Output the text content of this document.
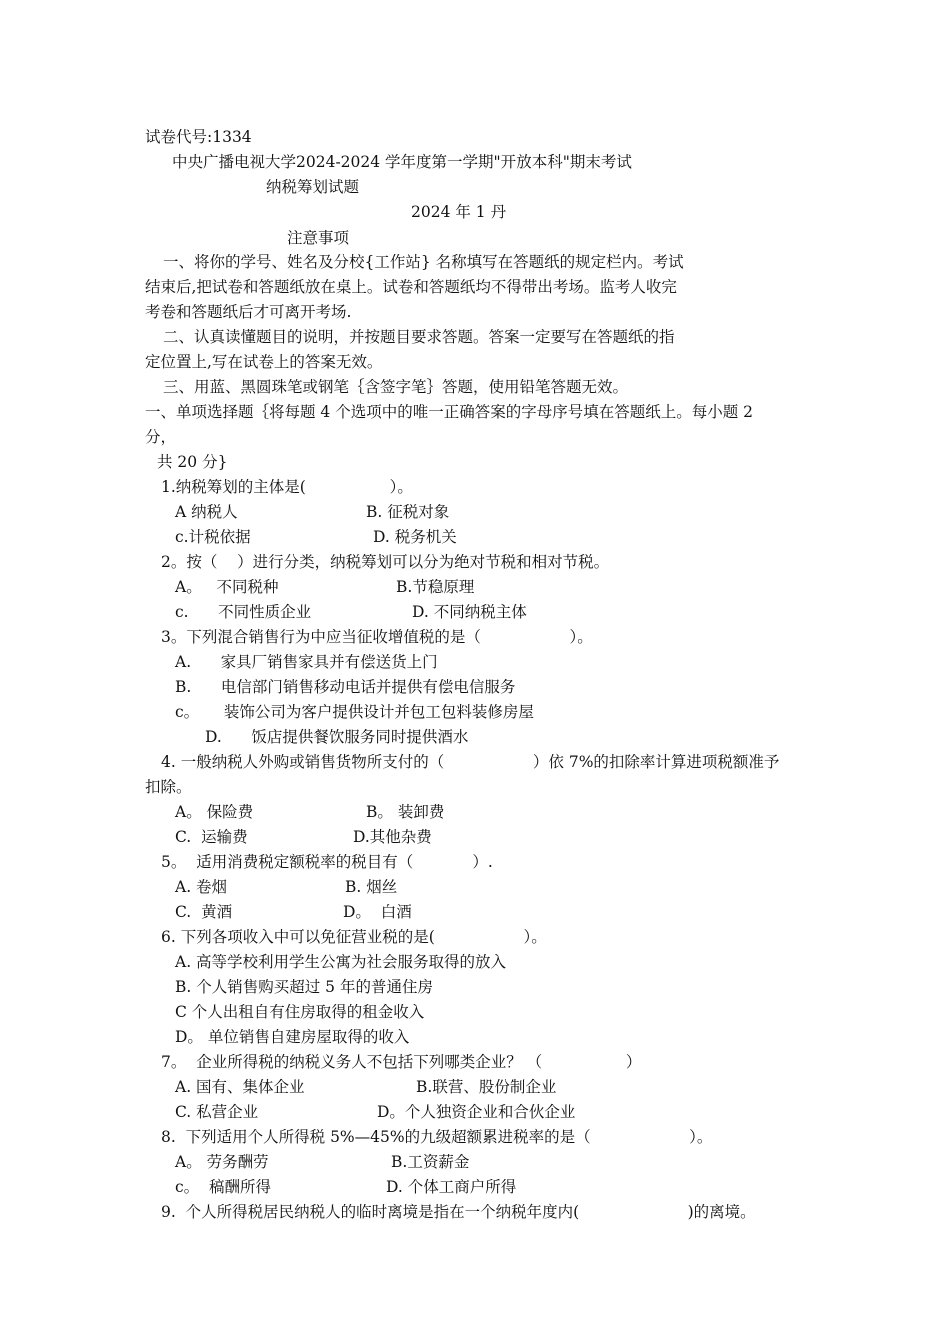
试卷代号:1334
中央广播电视大学2024-2024 学年度第一学期"开放本科"期末考试
纳税筹划试题
2024 年 1 丹
注意事项
一、将你的学号、姓名及分校{工作站} 名称填写在答题纸的规定栏内。考试
结束后,把试卷和答题纸放在桌上。试卷和答题纸均不得带出考场。监考人收完
考卷和答题纸后才可离开考场.
二、认真读懂题目的说明，并按题目要求答题。答案一定要写在答题纸的指
定位置上,写在试卷上的答案无效。
三、用蓝、黑圆珠笔或钢笔｛含签字笔｝答题，使用铅笔答题无效。
一、单项选择题｛将每题 4 个选项中的唯一正确答案的字母序号填在答题纸上。每小题 2
分，
共 20 分}
1.纳税筹划的主体是(                 ）。
A 纳税人	B. 征税对象
c.计税依据	D. 税务机关
2。按（    ）进行分类，纳税筹划可以分为绝对节税和相对节税。
A。   不同税种	B.节稳原理
c.      不同性质企业	D. 不同纳税主体
3。下列混合销售行为中应当征收增值税的是（                  ）。
A.      家具厂销售家具并有偿送货上门
B.      电信部门销售移动电话并提供有偿电信服务
c。     装饰公司为客户提供设计并包工包料装修房屋
D.      饭店提供餐饮服务同时提供酒水
4. 一般纳税人外购或销售货物所支付的（                  ）依 7%的扣除率计算进项税额准予
扣除。
A。 保险费	B。 装卸费
C.  运输费	D.其他杂费
5。  适用消费税定额税率的税目有（            ）.
A. 卷烟	B. 烟丝
C.  黄酒	D。  白酒
6. 下列各项收入中可以免征营业税的是(                  ）。
A. 高等学校利用学生公寓为社会服务取得的放入
B. 个人销售购买超过 5 年的普通住房
C 个人出租自有住房取得的租金收入
D。 单位销售自建房屋取得的收入
7。  企业所得税的纳税义务人不包括下列哪类企业？ （                 ）
A. 国有、集体企业	B.联营、股份制企业
C. 私营企业	D。个人独资企业和合伙企业
8.  下列适用个人所得税 5%—45%的九级超额累进税率的是（                    ）。
A。 劳务酬劳	B.工资薪金
c。  稿酬所得	D. 个体工商户所得
9.  个人所得税居民纳税人的临时离境是指在一个纳税年度内(                      )的离境。
